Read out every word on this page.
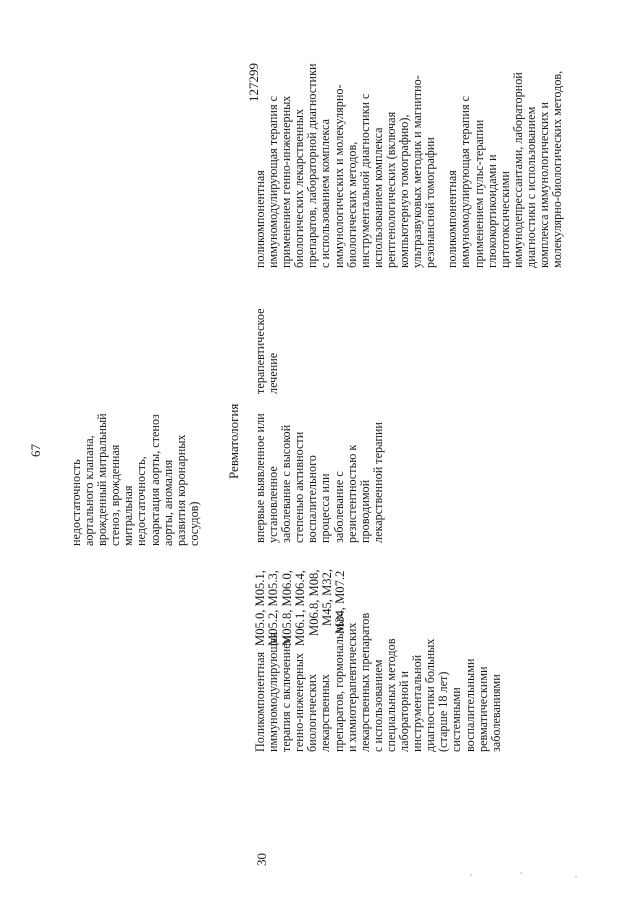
67
127299
недостаточность аортального клапана, врожденный митральный стеноз, врожденная митральная недостаточность, коарктация аорты, стеноз аорты, аномалия развития коронарных сосудов)
Ревматология
30
Поликомпонентная иммуномодулирующая терапия с включением генно-инженерных биологических лекарственных препаратов, гормональных и химиотерапевтических лекарственных препаратов с использованием специальных методов лабораторной и инструментальной диагностики больных (старше 18 лет) системными воспалительными ревматическими заболеваниями
M05.0, M05.1, M05.2, M05.3, M05.8, M06.0, M06.1, M06.4, M06.8, M08, M45, M32, M34, M07.2
впервые выявленное или установленное заболевание с высокой степенью активности воспалительного процесса или заболевание с резистентностью к проводимой лекарственной терапии
терапевтическое лечение
поликомпонентная иммуномодулирующая терапия с применением генно-инженерных биологических лекарственных препаратов, лабораторной диагностики с использованием комплекса иммунологических и молекулярно- биологических методов, инструментальной диагностики с использованием комплекса рентгенологических (включая компьютерную томографию), ультразвуковых методик и магнитно- резонансной томографии поликомпонентная иммуномодулирующая терапия с применением пульс-терапии глюкокортикоидами и цитотоксическими иммунодепрессантами, лабораторной диагностики с использованием комплекса иммунологических и молекулярно-биологических методов,
